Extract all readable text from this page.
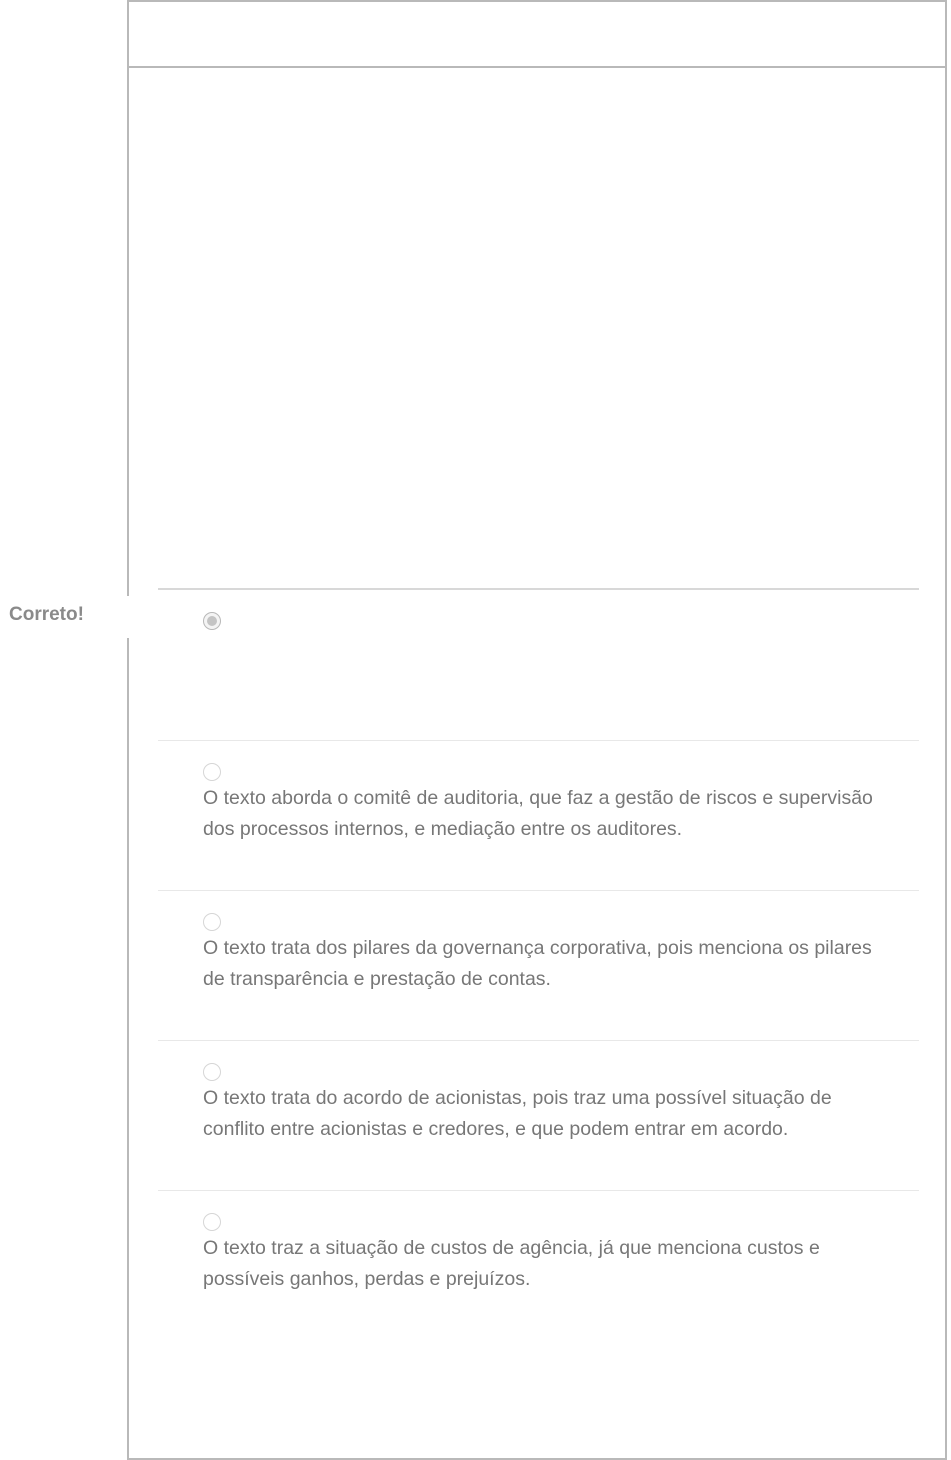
Correto!
O texto aborda o comitê de auditoria, que faz a gestão de riscos e supervisão dos processos internos, e mediação entre os auditores.
O texto trata dos pilares da governança corporativa, pois menciona os pilares de transparência e prestação de contas.
O texto trata do acordo de acionistas, pois traz uma possível situação de conflito entre acionistas e credores, e que podem entrar em acordo.
O texto traz a situação de custos de agência, já que menciona custos e possíveis ganhos, perdas e prejuízos.
